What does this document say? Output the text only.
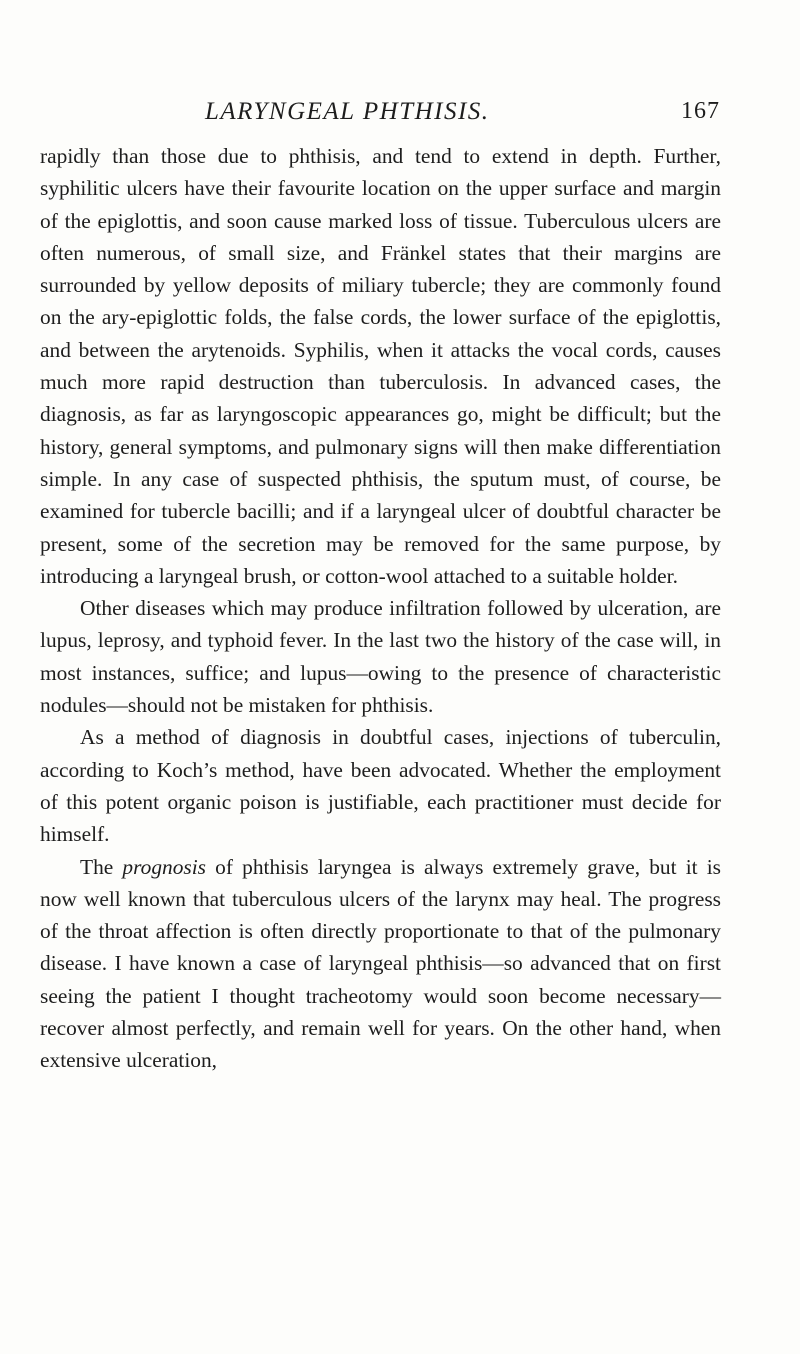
LARYNGEAL PHTHISIS.	167

rapidly than those due to phthisis, and tend to extend in depth. Further, syphilitic ulcers have their favourite location on the upper surface and margin of the epiglottis, and soon cause marked loss of tissue. Tuberculous ulcers are often numerous, of small size, and Fränkel states that their margins are surrounded by yellow deposits of miliary tubercle; they are commonly found on the ary-epiglottic folds, the false cords, the lower surface of the epiglottis, and between the arytenoids. Syphilis, when it attacks the vocal cords, causes much more rapid destruction than tuberculosis. In advanced cases, the diagnosis, as far as laryngoscopic appearances go, might be difficult; but the history, general symptoms, and pulmonary signs will then make differentiation simple. In any case of suspected phthisis, the sputum must, of course, be examined for tubercle bacilli; and if a laryngeal ulcer of doubtful character be present, some of the secretion may be removed for the same purpose, by introducing a laryngeal brush, or cotton-wool attached to a suitable holder.

Other diseases which may produce infiltration followed by ulceration, are lupus, leprosy, and typhoid fever. In the last two the history of the case will, in most instances, suffice; and lupus—owing to the presence of characteristic nodules—should not be mistaken for phthisis.

As a method of diagnosis in doubtful cases, injections of tuberculin, according to Koch’s method, have been advocated. Whether the employment of this potent organic poison is justifiable, each practitioner must decide for himself.

The prognosis of phthisis laryngea is always extremely grave, but it is now well known that tuberculous ulcers of the larynx may heal. The progress of the throat affection is often directly proportionate to that of the pulmonary disease. I have known a case of laryngeal phthisis—so advanced that on first seeing the patient I thought tracheotomy would soon become necessary—recover almost perfectly, and remain well for years. On the other hand, when extensive ulceration,
